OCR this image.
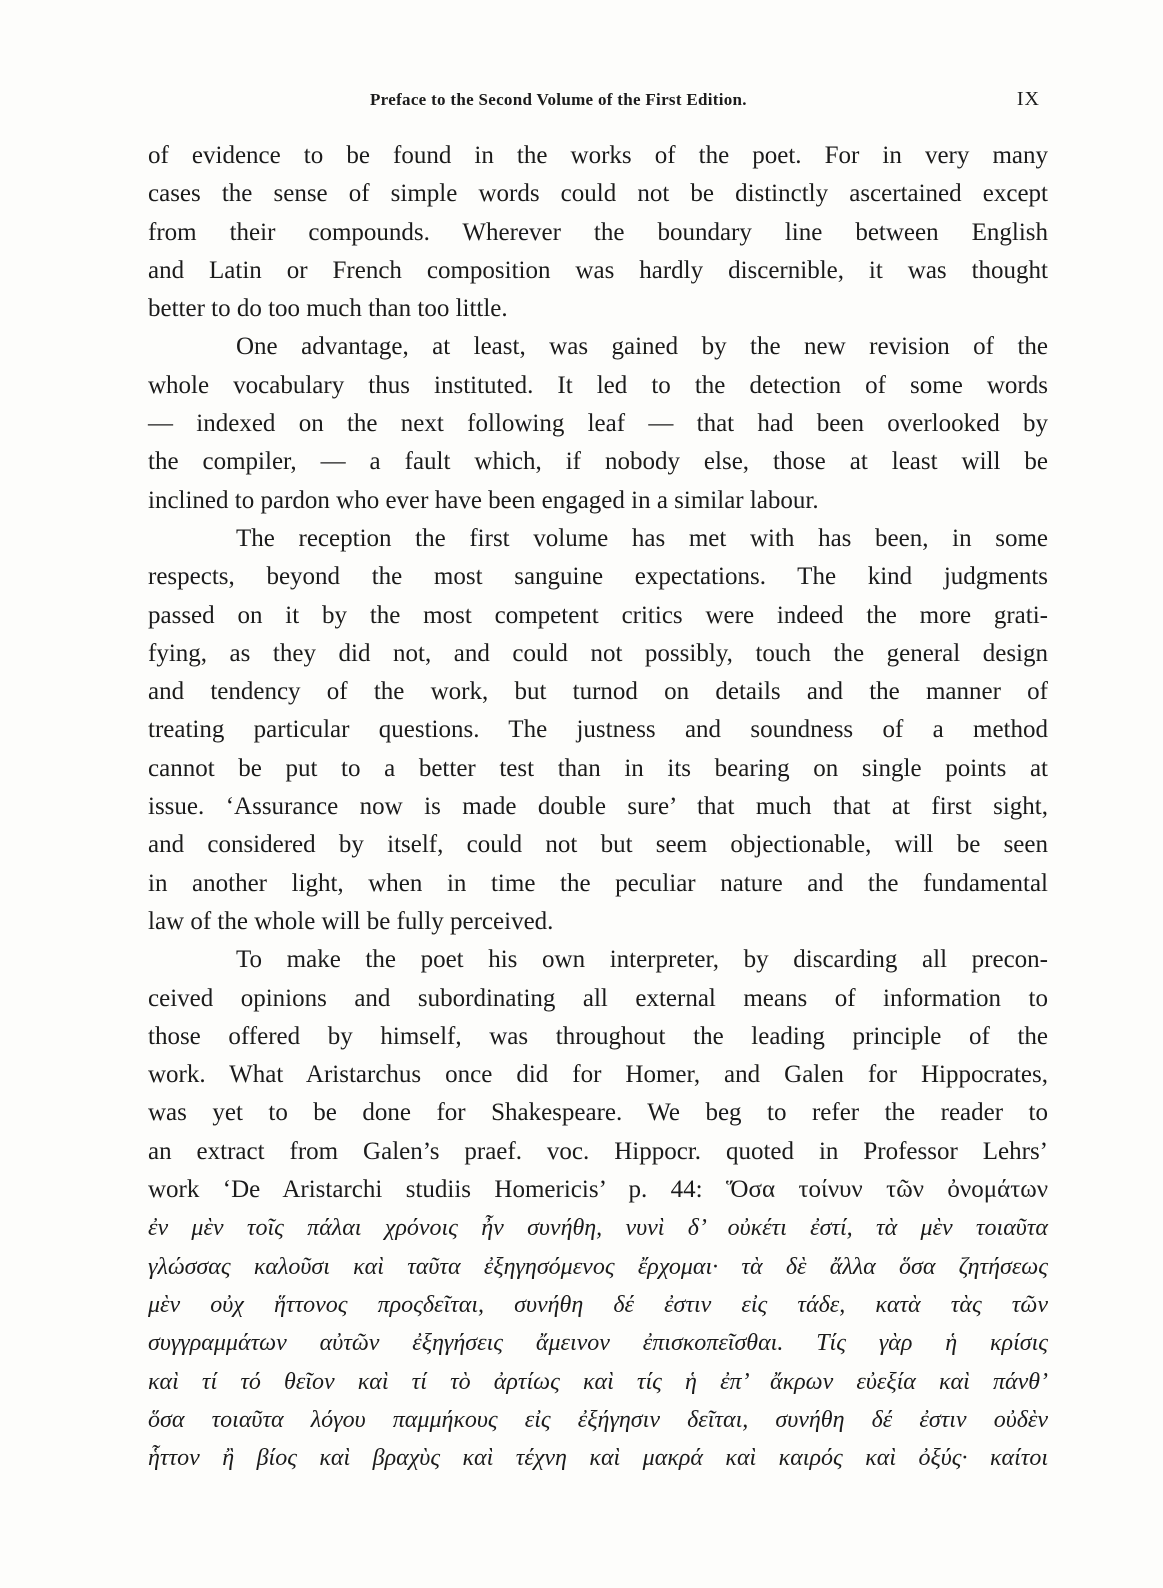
Preface to the Second Volume of the First Edition.	IX
of evidence to be found in the works of the poet. For in very many
cases the sense of simple words could not be distinctly ascertained except
from their compounds. Wherever the boundary line between English
and Latin or French composition was hardly discernible, it was thought
better to do too much than too little.
One advantage, at least, was gained by the new revision of the
whole vocabulary thus instituted. It led to the detection of some words
— indexed on the next following leaf — that had been overlooked by
the compiler, — a fault which, if nobody else, those at least will be
inclined to pardon who ever have been engaged in a similar labour.
The reception the first volume has met with has been, in some
respects, beyond the most sanguine expectations. The kind judgments
passed on it by the most competent critics were indeed the more grati-
fying, as they did not, and could not possibly, touch the general design
and tendency of the work, but turnod on details and the manner of
treating particular questions. The justness and soundness of a method
cannot be put to a better test than in its bearing on single points at
issue. ‘Assurance now is made double sure’ that much that at first sight,
and considered by itself, could not but seem objectionable, will be seen
in another light, when in time the peculiar nature and the fundamental
law of the whole will be fully perceived.
To make the poet his own interpreter, by discarding all precon-
ceived opinions and subordinating all external means of information to
those offered by himself, was throughout the leading principle of the
work. What Aristarchus once did for Homer, and Galen for Hippocrates,
was yet to be done for Shakespeare. We beg to refer the reader to
an extract from Galen’s praef. voc. Hippocr. quoted in Professor Lehrs’
work ‘De Aristarchi studiis Homericis’ p. 44: Ὅσα τοίνυν τῶν ὀνομάτων
ἐν μὲν τοῖς πάλαι χρόνοις ἦν συνήθη, νυνὶ δ’ οὐκέτι ἐστί, τὰ μὲν τοιαῦτα
γλώσσας καλοῦσι καὶ ταῦτα ἐξηγησόμενος ἔρχομαι· τὰ δὲ ἄλλα ὅσα ζητήσεως
μὲν οὐχ ἥττονος προςδεῖται, συνήθη δέ ἐστιν εἰς τάδε, κατὰ τὰς τῶν
συγγραμμάτων αὐτῶν ἐξηγήσεις ἄμεινον ἐπισκοπεῖσθαι. Τίς γὰρ ἡ κρίσις
καὶ τί τό θεῖον καὶ τί τὸ ἀρτίως καὶ τίς ἡ ἐπ’ ἄκρων εὐεξία καὶ πάνθ’
ὅσα τοιαῦτα λόγου παμμήκους εἰς ἐξήγησιν δεῖται, συνήθη δέ ἐστιν οὐδὲν
ἧττον ἢ βίος καὶ βραχὺς καὶ τέχνη καὶ μακρά καὶ καιρός καὶ ὀξύς· καίτοι
